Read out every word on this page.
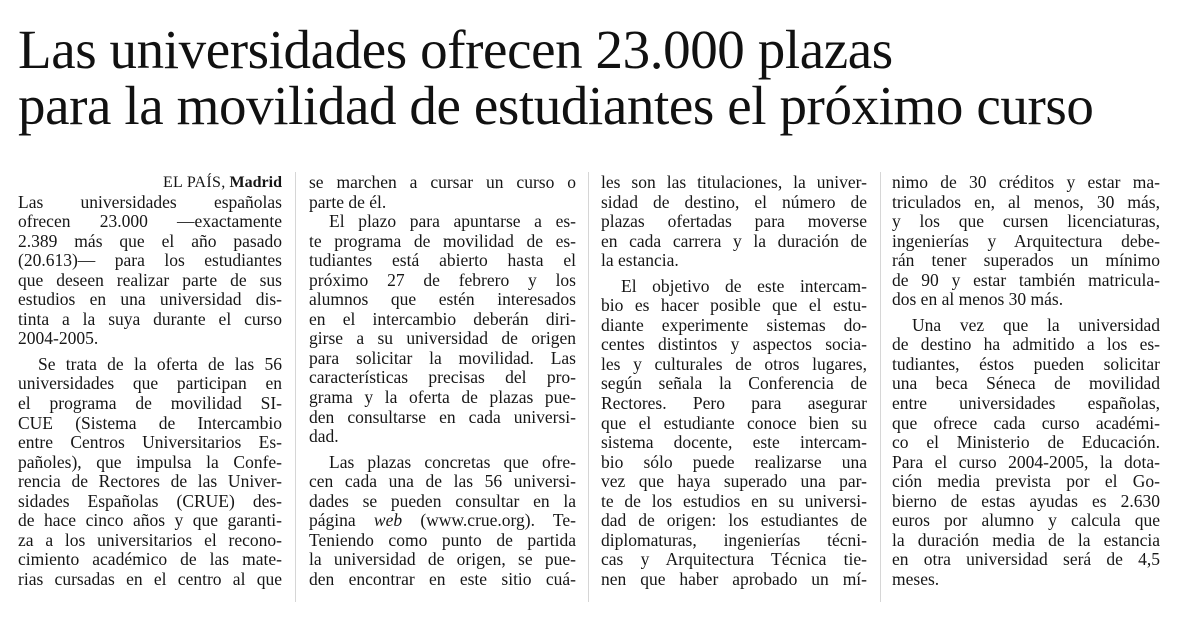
Las universidades ofrecen 23.000 plazas
para la movilidad de estudiantes el próximo curso
EL PAÍS, Madrid

Las universidades españolas
ofrecen 23.000 —exactamente
2.389 más que el año pasado
(20.613)— para los estudiantes
que deseen realizar parte de sus
estudios en una universidad dis-
tinta a la suya durante el curso
2004-2005.

Se trata de la oferta de las 56
universidades que participan en
el programa de movilidad SI-
CUE (Sistema de Intercambio
entre Centros Universitarios Es-
pañoles), que impulsa la Confe-
rencia de Rectores de las Univer-
sidades Españolas (CRUE) des-
de hace cinco años y que garanti-
za a los universitarios el recono-
cimiento académico de las mate-
rias cursadas en el centro al que

se marchen a cursar un curso o
parte de él.

El plazo para apuntarse a es-
te programa de movilidad de es-
tudiantes está abierto hasta el
próximo 27 de febrero y los
alumnos que estén interesados
en el intercambio deberán diri-
girse a su universidad de origen
para solicitar la movilidad. Las
características precisas del pro-
grama y la oferta de plazas pue-
den consultarse en cada universi-
dad.

Las plazas concretas que ofre-
cen cada una de las 56 universi-
dades se pueden consultar en la
página web (www.crue.org). Te-
Teniendo como punto de partida
la universidad de origen, se pue-
den encontrar en este sitio cuá-

les son las titulaciones, la univer-
sidad de destino, el número de
plazas ofertadas para moverse
en cada carrera y la duración de
la estancia.

El objetivo de este intercam-
bio es hacer posible que el estu-
diante experimente sistemas do-
centes distintos y aspectos socia-
les y culturales de otros lugares,
según señala la Conferencia de
Rectores. Pero para asegurar
que el estudiante conoce bien su
sistema docente, este intercam-
bio sólo puede realizarse una
vez que haya superado una par-
te de los estudios en su universi-
dad de origen: los estudiantes de
diplomaturas, ingenierías técni-
cas y Arquitectura Técnica tie-
nen que haber aprobado un mí-

nimo de 30 créditos y estar ma-
triculados en, al menos, 30 más,
y los que cursen licenciaturas,
ingenierías y Arquitectura debe-
rán tener superados un mínimo
de 90 y estar también matricula-
dos en al menos 30 más.

Una vez que la universidad
de destino ha admitido a los es-
tudiantes, éstos pueden solicitar
una beca Séneca de movilidad
entre universidades españolas,
que ofrece cada curso académi-
co el Ministerio de Educación.
Para el curso 2004-2005, la dota-
ción media prevista por el Go-
bierno de estas ayudas es 2.630
euros por alumno y calcula que
la duración media de la estancia
en otra universidad será de 4,5
meses.
